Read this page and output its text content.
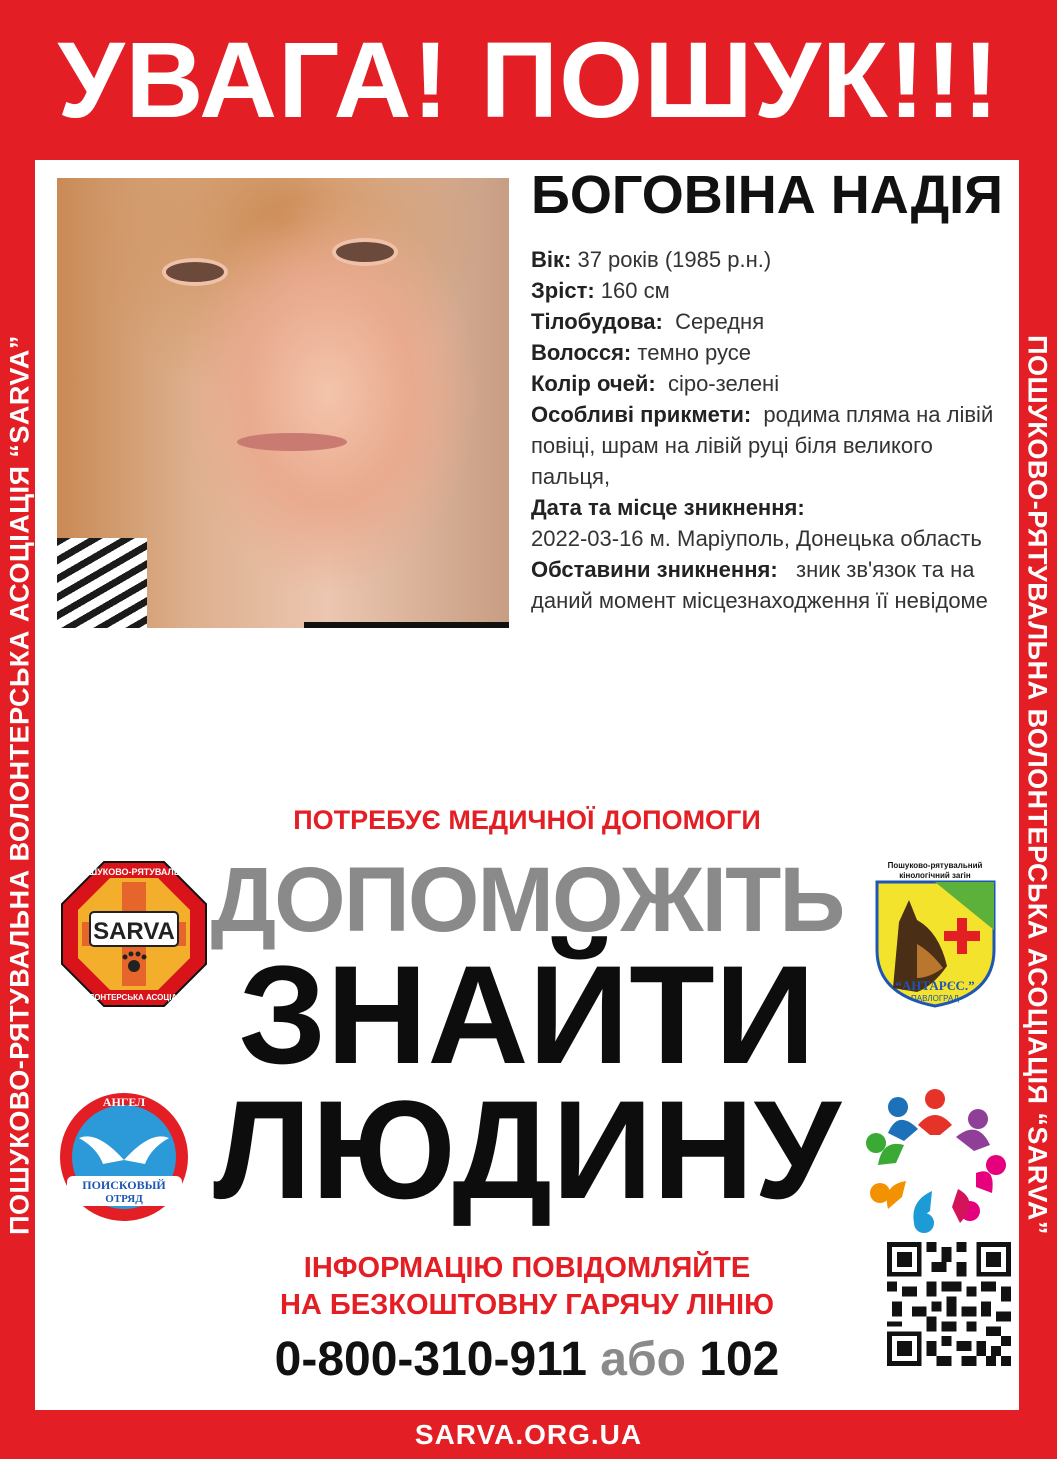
УВАГА! ПОШУК!!!
ПОШУКОВО-РЯТУВАЛЬНА ВОЛОНТЕРСЬКА АСОЦІАЦІЯ “SARVA”	ПОШУКОВО-РЯТУВАЛЬНА ВОЛОНТЕРСЬКА АСОЦІАЦІЯ “SARVA”
БОГОВІНА НАДІЯ

Вік: 37 років (1985 р.н.)

Зріст: 160 см

Тілобудова: Середня

Волосся: темно русе

Колір очей: сіро-зелені

Особливі прикмети: родима пляма на лівій повіці, шрам на лівій руці біля великого пальця,

Дата та місце зникнення:
2022-03-16 м. Маріуполь, Донецька область

Обставини зникнення: зник зв'язок та на даний момент місцезнаходження її невідоме

ПОТРЕБУЄ МЕДИЧНОЇ ДОПОМОГИ
ДОПОМОЖІТЬ
ЗНАЙТИ
ЛЮДИНУ
SARVA
ПОШУКОВО-РЯТУВАЛЬНА
ВОЛОНТЕРСЬКА АСОЦІАЦІЯ
Пошуково-рятувальний
кінологічний загін
“АНТАРЄС.”
ПАВЛОГРАД
АНГЕЛ
ПОИСКОВЫЙ
ОТРЯД
ІНФОРМАЦІЮ ПОВІДОМЛЯЙТЕ
НА БЕЗКОШТОВНУ ГАРЯЧУ ЛІНІЮ
0-800-310-911 або 102
SARVA.ORG.UA
